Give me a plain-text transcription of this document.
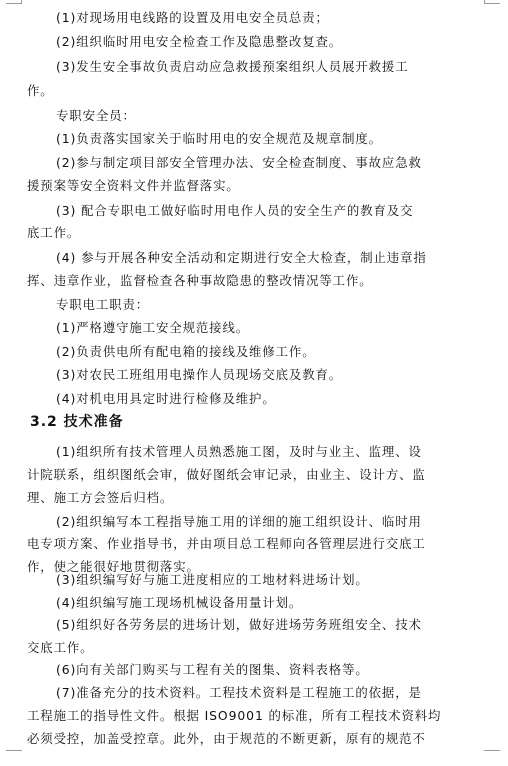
(1)对现场用电线路的设置及用电安全员总责；
(2)组织临时用电安全检查工作及隐患整改复查。
(3)发生安全事故负责启动应急救援预案组织人员展开救援工
作。
专职安全员：
(1)负责落实国家关于临时用电的安全规范及规章制度。
(2)参与制定项目部安全管理办法、安全检查制度、事故应急救
援预案等安全资料文件并监督落实。
(3) 配合专职电工做好临时用电作人员的安全生产的教育及交
底工作。
(4) 参与开展各种安全活动和定期进行安全大检查，制止违章指
挥、违章作业，监督检查各种事故隐患的整改情况等工作。
专职电工职责：
(1)严格遵守施工安全规范接线。
(2)负责供电所有配电箱的接线及维修工作。
(3)对农民工班组用电操作人员现场交底及教育。
(4)对机电用具定时进行检修及维护。
(1)组织所有技术管理人员熟悉施工图，及时与业主、监理、设
计院联系，组织图纸会审，做好图纸会审记录，由业主、设计方、监
理、施工方会签后归档。
(2)组织编写本工程指导施工用的详细的施工组织设计、临时用
电专项方案、作业指导书，并由项目总工程师向各管理层进行交底工
作，使之能很好地贯彻落实。
(3)组织编写好与施工进度相应的工地材料进场计划。
(4)组织编写施工现场机械设备用量计划。
(5)组织好各劳务层的进场计划，做好进场劳务班组安全、技术
交底工作。
(6)向有关部门购买与工程有关的图集、资料表格等。
(7)准备充分的技术资料。工程技术资料是工程施工的依据，是
工程施工的指导性文件。根据 ISO9001 的标准，所有工程技术资料均
必须受控，加盖受控章。此外，由于规范的不断更新，原有的规范不
3.2 技术准备
